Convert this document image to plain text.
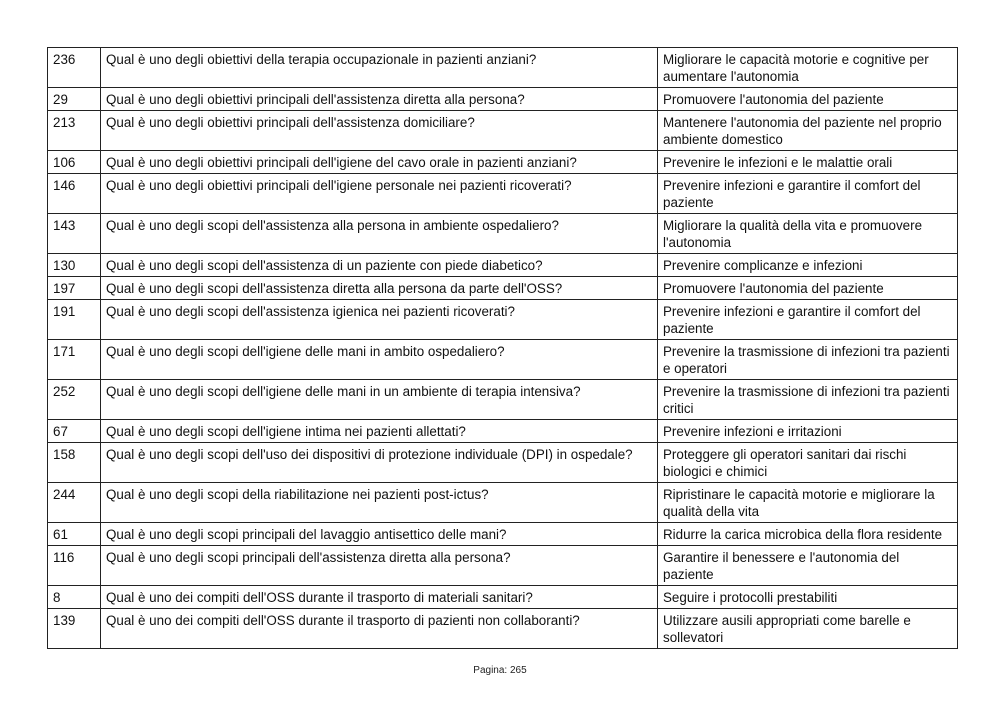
236	Qual è uno degli obiettivi della terapia occupazionale in pazienti anziani?	Migliorare le capacità motorie e cognitive per aumentare l'autonomia
29	Qual è uno degli obiettivi principali dell'assistenza diretta alla persona?	Promuovere l'autonomia del paziente
213	Qual è uno degli obiettivi principali dell'assistenza domiciliare?	Mantenere l'autonomia del paziente nel proprio ambiente domestico
106	Qual è uno degli obiettivi principali dell'igiene del cavo orale in pazienti anziani?	Prevenire le infezioni e le malattie orali
146	Qual è uno degli obiettivi principali dell'igiene personale nei pazienti ricoverati?	Prevenire infezioni e garantire il comfort del paziente
143	Qual è uno degli scopi dell'assistenza alla persona in ambiente ospedaliero?	Migliorare la qualità della vita e promuovere l'autonomia
130	Qual è uno degli scopi dell'assistenza di un paziente con piede diabetico?	Prevenire complicanze e infezioni
197	Qual è uno degli scopi dell'assistenza diretta alla persona da parte dell'OSS?	Promuovere l'autonomia del paziente
191	Qual è uno degli scopi dell'assistenza igienica nei pazienti ricoverati?	Prevenire infezioni e garantire il comfort del paziente
171	Qual è uno degli scopi dell'igiene delle mani in ambito ospedaliero?	Prevenire la trasmissione di infezioni tra pazienti e operatori
252	Qual è uno degli scopi dell'igiene delle mani in un ambiente di terapia intensiva?	Prevenire la trasmissione di infezioni tra pazienti critici
67	Qual è uno degli scopi dell'igiene intima nei pazienti allettati?	Prevenire infezioni e irritazioni
158	Qual è uno degli scopi dell'uso dei dispositivi di protezione individuale (DPI) in ospedale?	Proteggere gli operatori sanitari dai rischi biologici e chimici
244	Qual è uno degli scopi della riabilitazione nei pazienti post-ictus?	Ripristinare le capacità motorie e migliorare la qualità della vita
61	Qual è uno degli scopi principali del lavaggio antisettico delle mani?	Ridurre la carica microbica della flora residente
116	Qual è uno degli scopi principali dell'assistenza diretta alla persona?	Garantire il benessere e l'autonomia del paziente
8	Qual è uno dei compiti dell'OSS durante il trasporto di materiali sanitari?	Seguire i protocolli prestabiliti
139	Qual è uno dei compiti dell'OSS durante il trasporto di pazienti non collaboranti?	Utilizzare ausili appropriati come barelle e sollevatori
Pagina: 265
